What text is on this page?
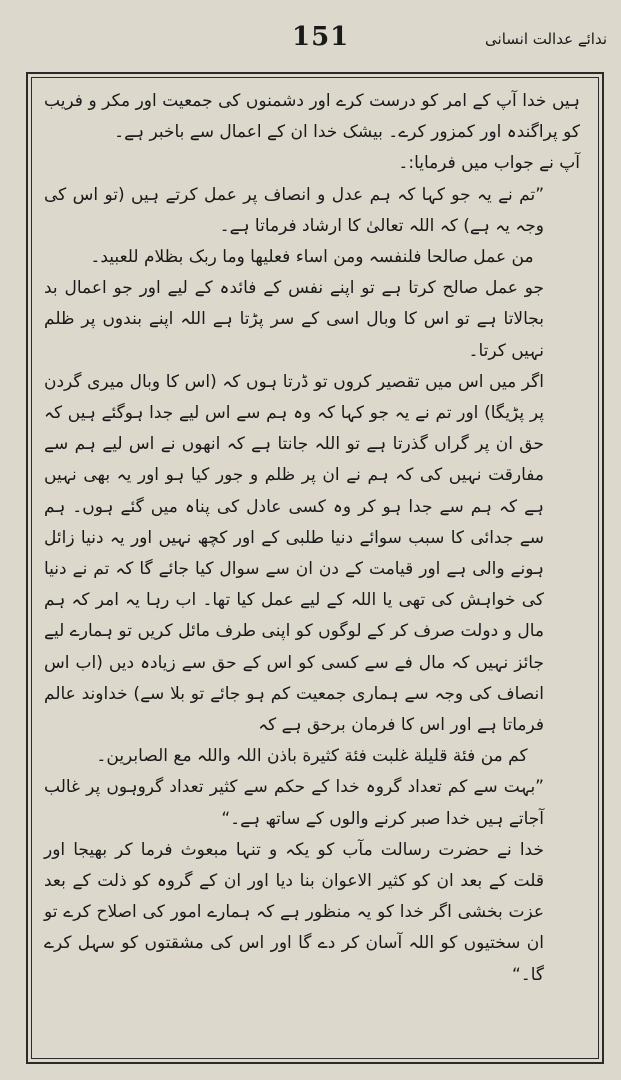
151	ندائے عدالت انسانی

ہیں خدا آپ کے امر کو درست کرے اور دشمنوں کی جمعیت اور مکر و فریب کو پراگندہ اور کمزور کرے۔ بیشک خدا ان کے اعمال سے باخبر ہے۔

آپ نے جواب میں فرمایا:۔

”تم نے یہ جو کہا کہ ہم عدل و انصاف پر عمل کرتے ہیں (تو اس کی وجہ یہ ہے) کہ اللہ تعالیٰ کا ارشاد فرماتا ہے۔

من عمل صالحا فلنفسہ ومن اساء فعلیها وما ربک بظلام للعبید۔

جو عمل صالح کرتا ہے تو اپنے نفس کے فائدہ کے لیے اور جو اعمال بد بجالاتا ہے تو اس کا وبال اسی کے سر پڑتا ہے اللہ اپنے بندوں پر ظلم نہیں کرتا۔

اگر میں اس میں تقصیر کروں تو ڈرتا ہوں کہ (اس کا وبال میری گردن پر پڑیگا) اور تم نے یہ جو کہا کہ وہ ہم سے اس لیے جدا ہوگئے ہیں کہ حق ان پر گراں گذرتا ہے تو اللہ جانتا ہے کہ انھوں نے اس لیے ہم سے مفارقت نہیں کی کہ ہم نے ان پر ظلم و جور کیا ہو اور یہ بھی نہیں ہے کہ ہم سے جدا ہو کر وہ کسی عادل کی پناہ میں گئے ہوں۔ ہم سے جدائی کا سبب سوائے دنیا طلبی کے اور کچھ نہیں اور یہ دنیا زائل ہونے والی ہے اور قیامت کے دن ان سے سوال کیا جائے گا کہ تم نے دنیا کی خواہش کی تھی یا اللہ کے لیے عمل کیا تھا۔ اب رہا یہ امر کہ ہم مال و دولت صرف کر کے لوگوں کو اپنی طرف مائل کریں تو ہمارے لیے جائز نہیں کہ مال فے سے کسی کو اس کے حق سے زیادہ دیں (اب اس انصاف کی وجہ سے ہماری جمعیت کم ہو جائے تو بلا سے) خداوند عالم فرماتا ہے اور اس کا فرمان برحق ہے کہ

کم من فئة قلیلة غلبت فئة کثیرة باذن اللہ واللہ مع الصابرین۔

”بہت سے کم تعداد گروہ خدا کے حکم سے کثیر تعداد گروہوں پر غالب آجاتے ہیں خدا صبر کرنے والوں کے ساتھ ہے۔“

خدا نے حضرت رسالت مآب کو یکہ و تنہا مبعوث فرما کر بھیجا اور قلت کے بعد ان کو کثیر الاعوان بنا دیا اور ان کے گروہ کو ذلت کے بعد عزت بخشی اگر خدا کو یہ منظور ہے کہ ہمارے امور کی اصلاح کرے تو ان سختیوں کو اللہ آسان کر دے گا اور اس کی مشقتوں کو سہل کرے گا۔“
